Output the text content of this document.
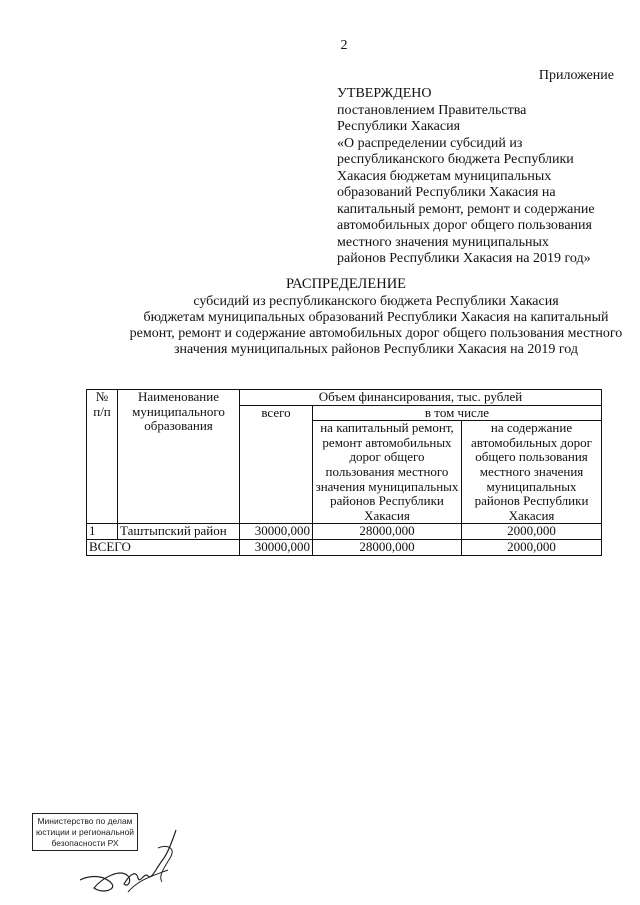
2
Приложение
УТВЕРЖДЕНО
постановлением Правительства
Республики Хакасия
«О распределении субсидий из
республиканского бюджета Республики
Хакасия бюджетам муниципальных
образований Республики Хакасия на
капитальный ремонт, ремонт и содержание
автомобильных дорог общего пользования
местного значения муниципальных
районов Республики Хакасия на 2019 год»
РАСПРЕДЕЛЕНИЕ
субсидий из республиканского бюджета Республики Хакасия
бюджетам муниципальных образований Республики Хакасия на капитальный
ремонт, ремонт и содержание автомобильных дорог общего пользования местного
значения муниципальных районов Республики Хакасия на 2019 год
№ п/п	Наименование муниципального образования	Объем финансирования, тыс. рублей		
		всего	в том числе	
			на капитальный ремонт, ремонт автомобильных дорог общего пользования местного значения муниципальных районов Республики Хакасия	на содержание автомобильных дорог общего пользования местного значения муниципальных районов Республики Хакасия
1	Таштыпский район	30000,000	28000,000	2000,000
ВСЕГО		30000,000	28000,000	2000,000
Министерство по делам
юстиции и региональной
безопасности РХ
